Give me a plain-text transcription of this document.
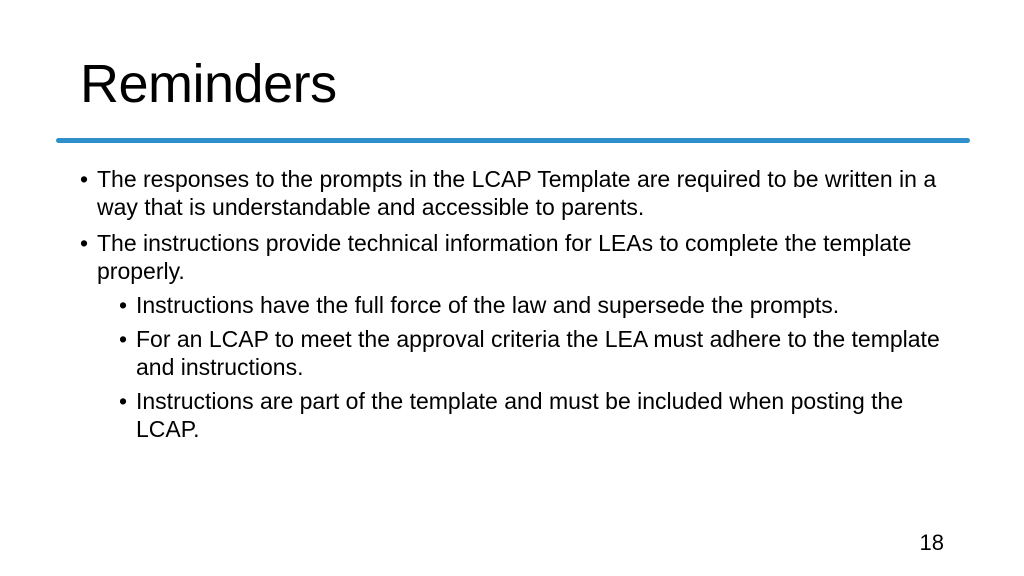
Reminders
• The responses to the prompts in the LCAP Template are required to be written in a way that is understandable and accessible to parents.
• The instructions provide technical information for LEAs to complete the template properly.
• Instructions have the full force of the law and supersede the prompts.
• For an LCAP to meet the approval criteria the LEA must adhere to the template and instructions.
• Instructions are part of the template and must be included when posting the LCAP.
18
